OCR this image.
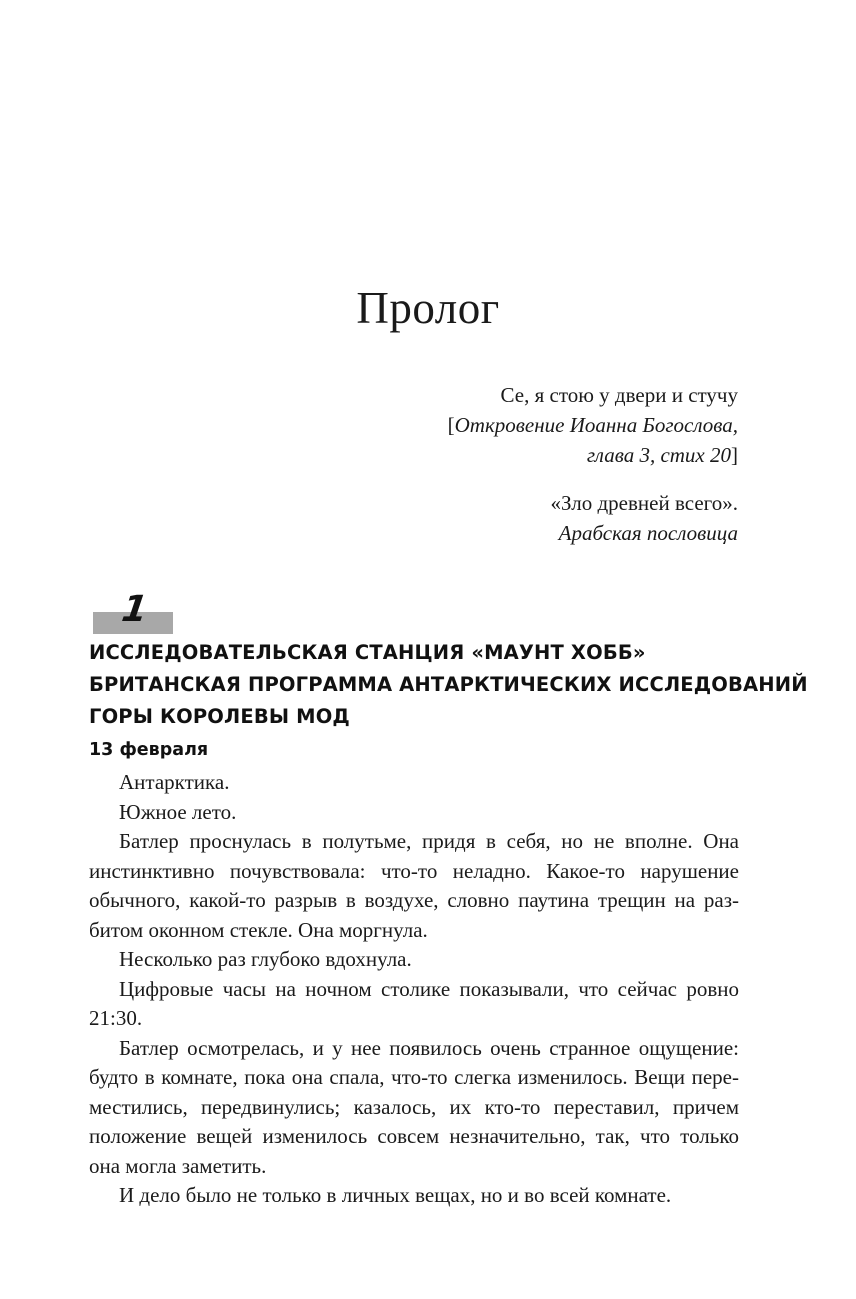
Пролог
Се, я стою у двери и стучу
[Откровение Иоанна Богослова,
глава 3, стих 20]
«Зло древней всего».
Арабская пословица
1
ИССЛЕДОВАТЕЛЬСКАЯ СТАНЦИЯ «МАУНТ ХОББ»
БРИТАНСКАЯ ПРОГРАММА АНТАРКТИЧЕСКИХ ИССЛЕДОВАНИЙ
ГОРЫ КОРОЛЕВЫ МОД
13 февраля
Антарктика.
Южное лето.
Батлер проснулась в полутьме, придя в себя, но не вполне. Она
инстинктивно почувствовала: что-то неладно. Какое-то нарушение
обычного, какой-то разрыв в воздухе, словно паутина трещин на раз-
битом оконном стекле. Она моргнула.
Несколько раз глубоко вдохнула.
Цифровые часы на ночном столике показывали, что сейчас ровно
21:30.
Батлер осмотрелась, и у нее появилось очень странное ощущение:
будто в комнате, пока она спала, что-то слегка изменилось. Вещи пере-
местились, передвинулись; казалось, их кто-то переставил, причем
положение вещей изменилось совсем незначительно, так, что только
она могла заметить.
И дело было не только в личных вещах, но и во всей комнате.
